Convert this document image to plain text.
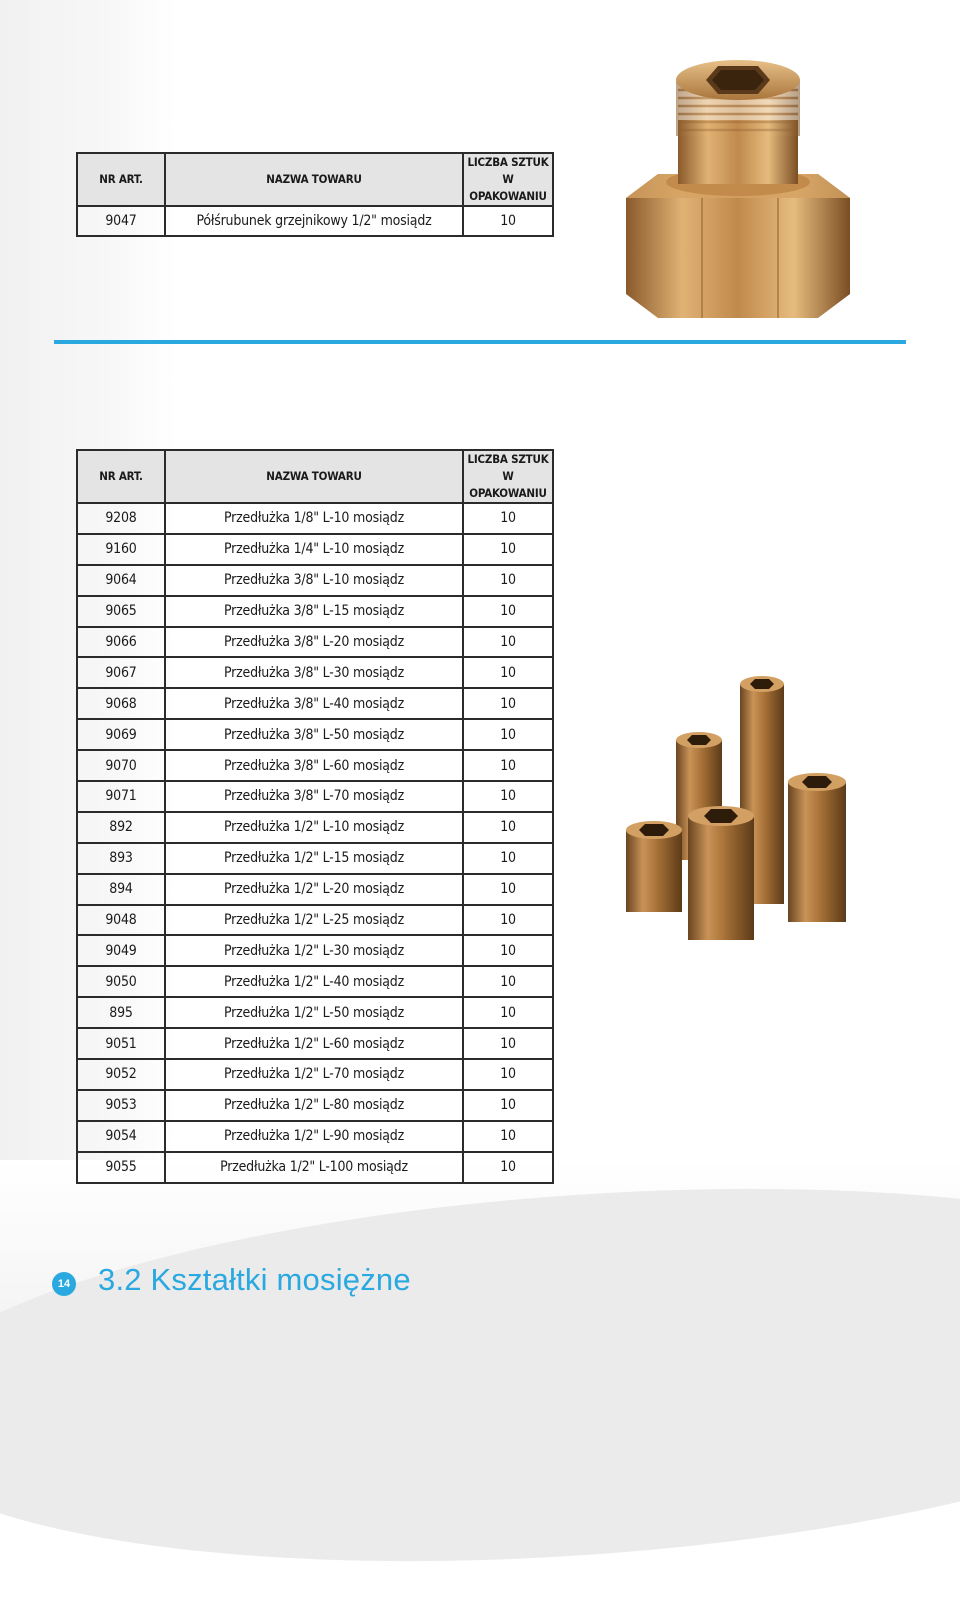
NR ART.	NAZWA TOWARU	LICZBA SZTUK
W OPAKOWANIU

9047	Półśrubunek grzejnikowy 1/2" mosiądz	10
NR ART.	NAZWA TOWARU	LICZBA SZTUK
W OPAKOWANIU

9208	Przedłużka 1/8" L-10 mosiądz	10
9160	Przedłużka 1/4" L-10 mosiądz	10
9064	Przedłużka 3/8" L-10 mosiądz	10
9065	Przedłużka 3/8" L-15 mosiądz	10
9066	Przedłużka 3/8" L-20 mosiądz	10
9067	Przedłużka 3/8" L-30 mosiądz	10
9068	Przedłużka 3/8" L-40 mosiądz	10
9069	Przedłużka 3/8" L-50 mosiądz	10
9070	Przedłużka 3/8" L-60 mosiądz	10
9071	Przedłużka 3/8" L-70 mosiądz	10
892	Przedłużka 1/2" L-10 mosiądz	10
893	Przedłużka 1/2" L-15 mosiądz	10
894	Przedłużka 1/2" L-20 mosiądz	10
9048	Przedłużka 1/2" L-25 mosiądz	10
9049	Przedłużka 1/2" L-30 mosiądz	10
9050	Przedłużka 1/2" L-40 mosiądz	10
895	Przedłużka 1/2" L-50 mosiądz	10
9051	Przedłużka 1/2" L-60 mosiądz	10
9052	Przedłużka 1/2" L-70 mosiądz	10
9053	Przedłużka 1/2" L-80 mosiądz	10
9054	Przedłużka 1/2" L-90 mosiądz	10
9055	Przedłużka 1/2" L-100 mosiądz	10
14 3.2 Kształtki mosiężne
